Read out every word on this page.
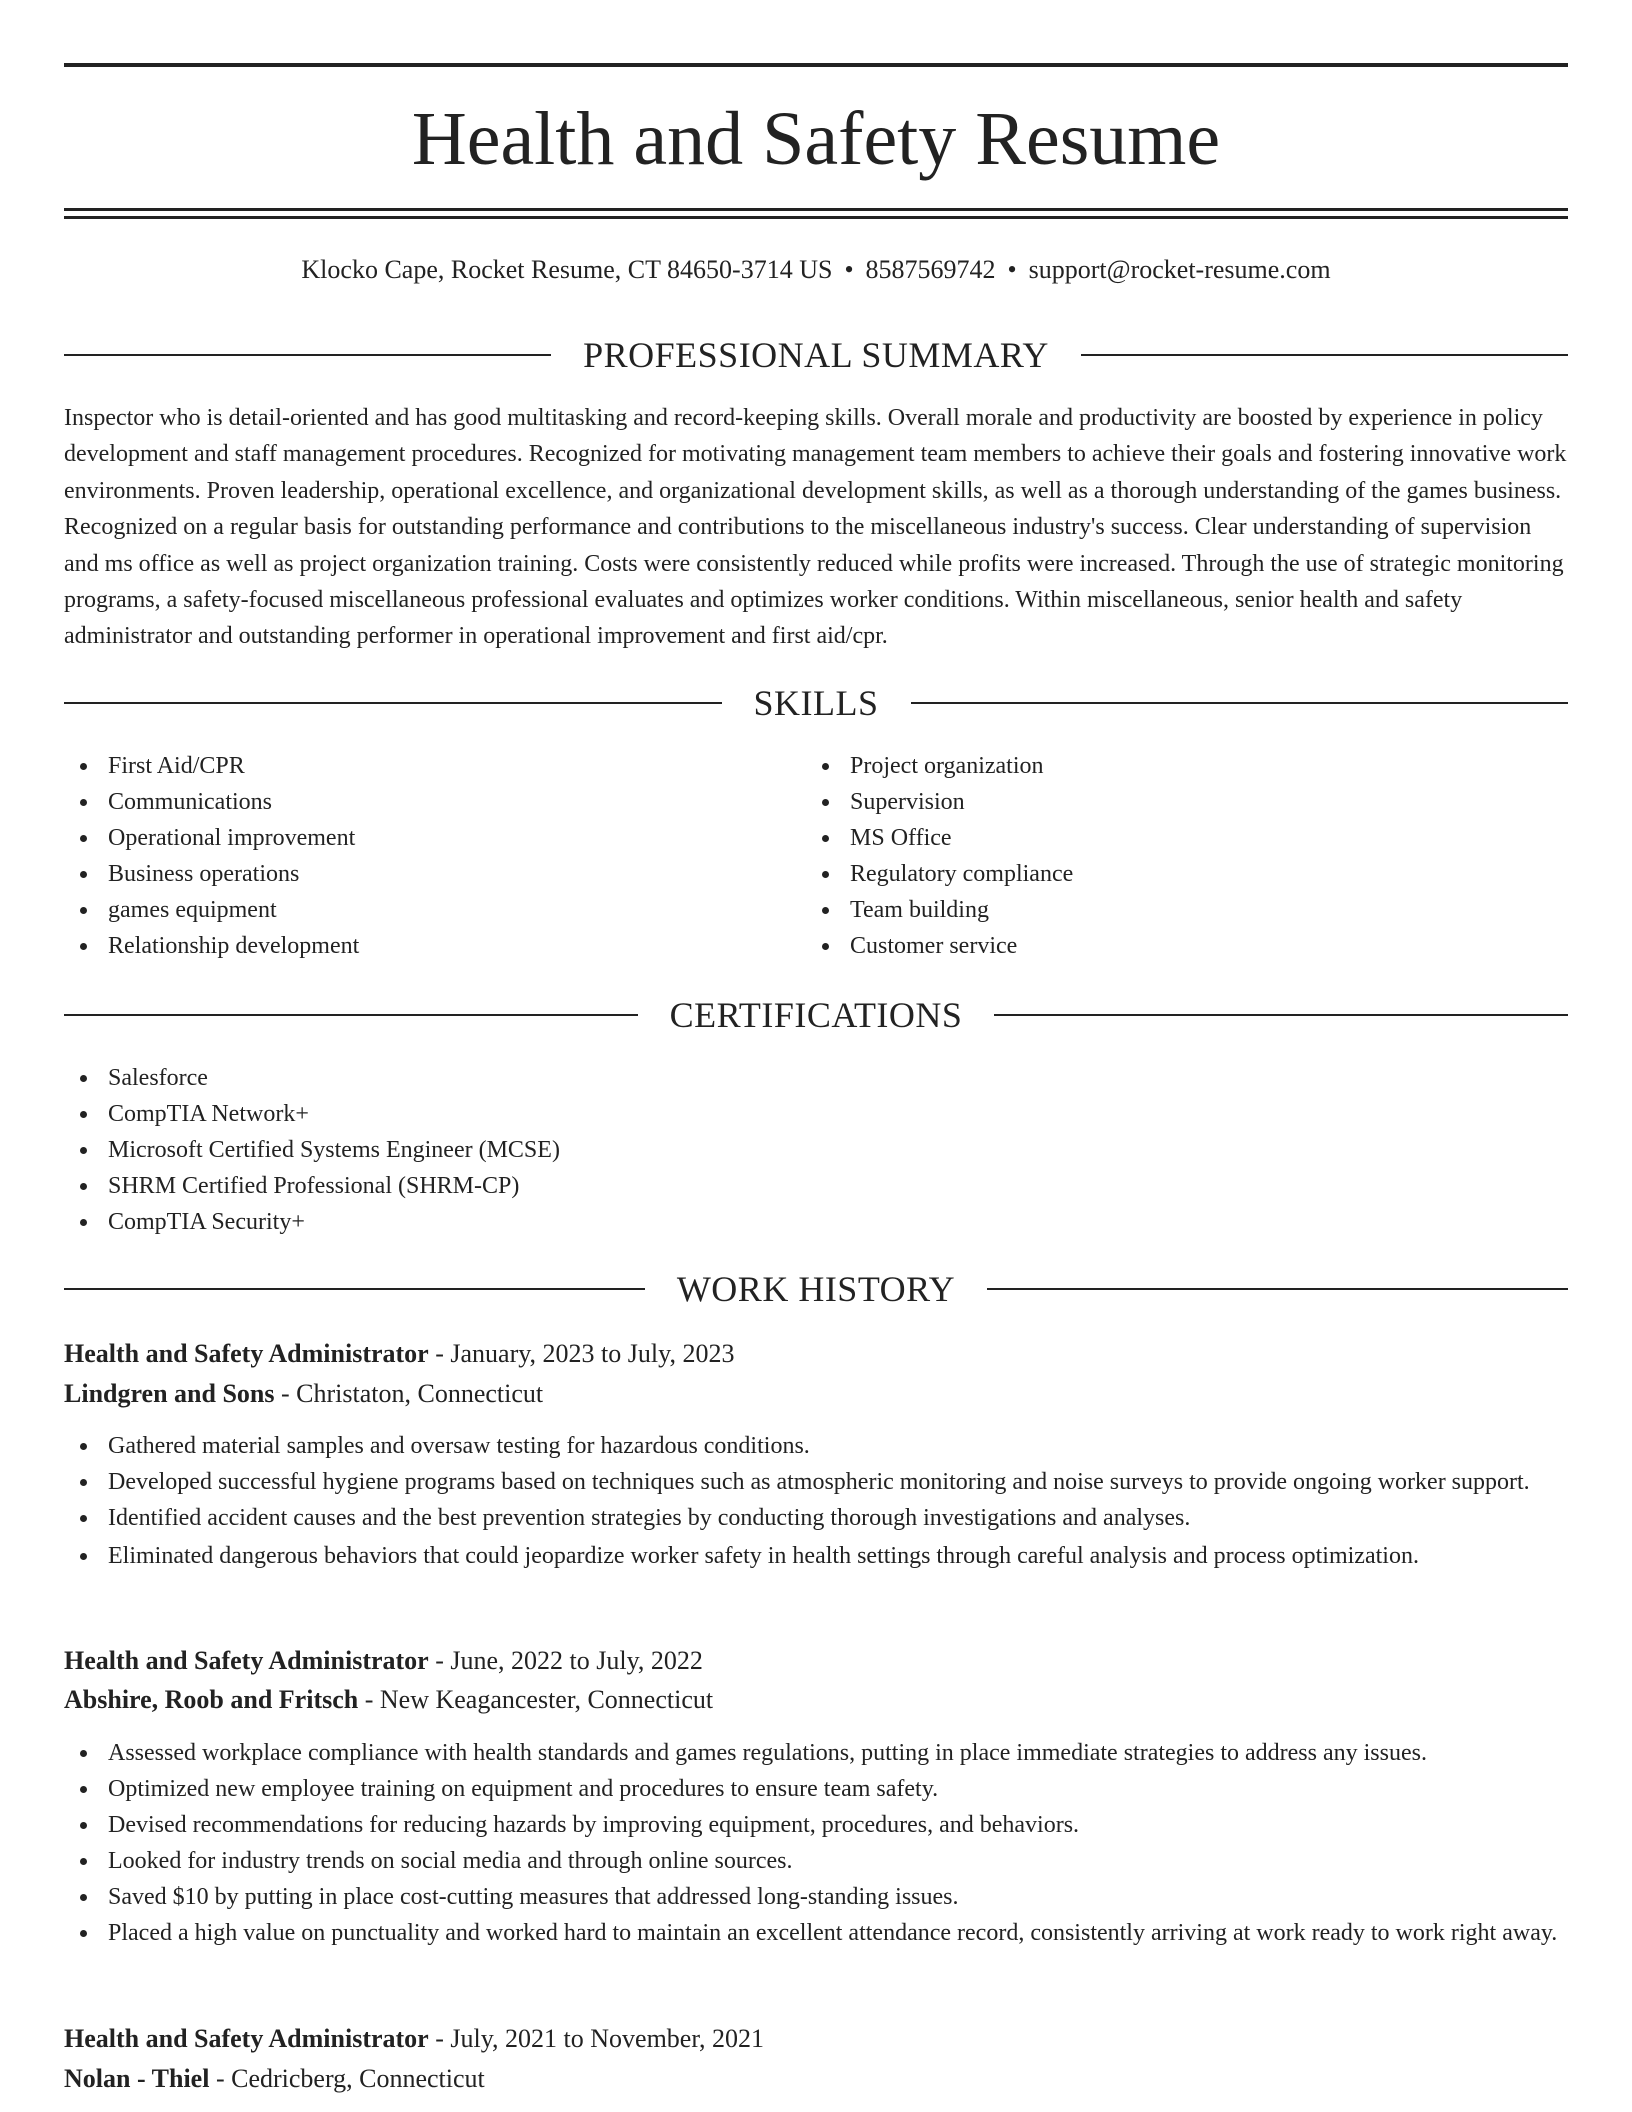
Health and Safety Resume
Klocko Cape, Rocket Resume, CT 84650-3714 US • 8587569742 • support@rocket-resume.com
PROFESSIONAL SUMMARY

Inspector who is detail-oriented and has good multitasking and record-keeping skills. Overall morale and productivity are boosted by experience in policy development and staff management procedures. Recognized for motivating management team members to achieve their goals and fostering innovative work environments. Proven leadership, operational excellence, and organizational development skills, as well as a thorough understanding of the games business. Recognized on a regular basis for outstanding performance and contributions to the miscellaneous industry's success. Clear understanding of supervision and ms office as well as project organization training. Costs were consistently reduced while profits were increased. Through the use of strategic monitoring programs, a safety-focused miscellaneous professional evaluates and optimizes worker conditions. Within miscellaneous, senior health and safety administrator and outstanding performer in operational improvement and first aid/cpr.

SKILLS
First Aid/CPR
Communications
Operational improvement
Business operations
games equipment
Relationship development
Project organization
Supervision
MS Office
Regulatory compliance
Team building
Customer service
CERTIFICATIONS
Salesforce
CompTIA Network+
Microsoft Certified Systems Engineer (MCSE)
SHRM Certified Professional (SHRM-CP)
CompTIA Security+
WORK HISTORY
Health and Safety Administrator - January, 2023 to July, 2023
Lindgren and Sons - Christaton, Connecticut
Gathered material samples and oversaw testing for hazardous conditions.
Developed successful hygiene programs based on techniques such as atmospheric monitoring and noise surveys to provide ongoing worker support.
Identified accident causes and the best prevention strategies by conducting thorough investigations and analyses.
Eliminated dangerous behaviors that could jeopardize worker safety in health settings through careful analysis and process optimization.
Health and Safety Administrator - June, 2022 to July, 2022
Abshire, Roob and Fritsch - New Keagancester, Connecticut
Assessed workplace compliance with health standards and games regulations, putting in place immediate strategies to address any issues.
Optimized new employee training on equipment and procedures to ensure team safety.
Devised recommendations for reducing hazards by improving equipment, procedures, and behaviors.
Looked for industry trends on social media and through online sources.
Saved $10 by putting in place cost-cutting measures that addressed long-standing issues.
Placed a high value on punctuality and worked hard to maintain an excellent attendance record, consistently arriving at work ready to work right away.
Health and Safety Administrator - July, 2021 to November, 2021
Nolan - Thiel - Cedricberg, Connecticut
